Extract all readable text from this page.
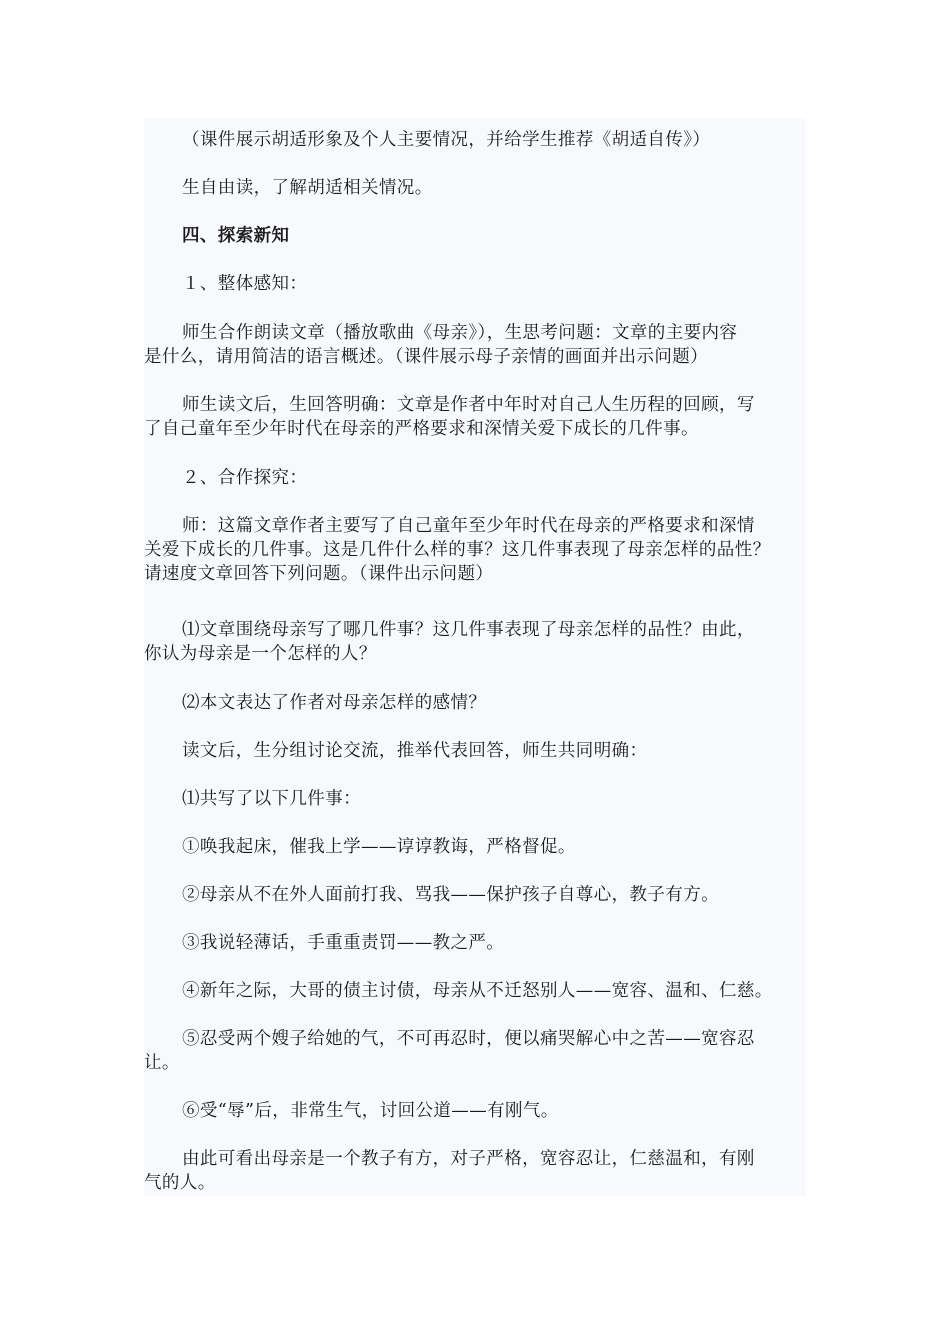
（课件展示胡适形象及个人主要情况，并给学生推荐《胡适自传》）

生自由读，了解胡适相关情况。

四、探索新知

１、整体感知：

师生合作朗读文章（播放歌曲《母亲》），生思考问题：文章的主要内容
是什么，请用简洁的语言概述。（课件展示母子亲情的画面并出示问题）

师生读文后，生回答明确：文章是作者中年时对自己人生历程的回顾，写
了自己童年至少年时代在母亲的严格要求和深情关爱下成长的几件事。

２、合作探究：

师：这篇文章作者主要写了自己童年至少年时代在母亲的严格要求和深情
关爱下成长的几件事。这是几件什么样的事？这几件事表现了母亲怎样的品性？
请速度文章回答下列问题。（课件出示问题）

⑴文章围绕母亲写了哪几件事？这几件事表现了母亲怎样的品性？由此，
你认为母亲是一个怎样的人？

⑵本文表达了作者对母亲怎样的感情？

读文后，生分组讨论交流，推举代表回答，师生共同明确：

⑴共写了以下几件事：

①唤我起床，催我上学——谆谆教诲，严格督促。

②母亲从不在外人面前打我、骂我——保护孩子自尊心，教子有方。

③我说轻薄话，手重重责罚——教之严。

④新年之际，大哥的债主讨债，母亲从不迁怒别人——宽容、温和、仁慈。

⑤忍受两个嫂子给她的气，不可再忍时，便以痛哭解心中之苦——宽容忍
让。

⑥受“辱”后，非常生气，讨回公道——有刚气。

由此可看出母亲是一个教子有方，对子严格，宽容忍让，仁慈温和，有刚
气的人。
